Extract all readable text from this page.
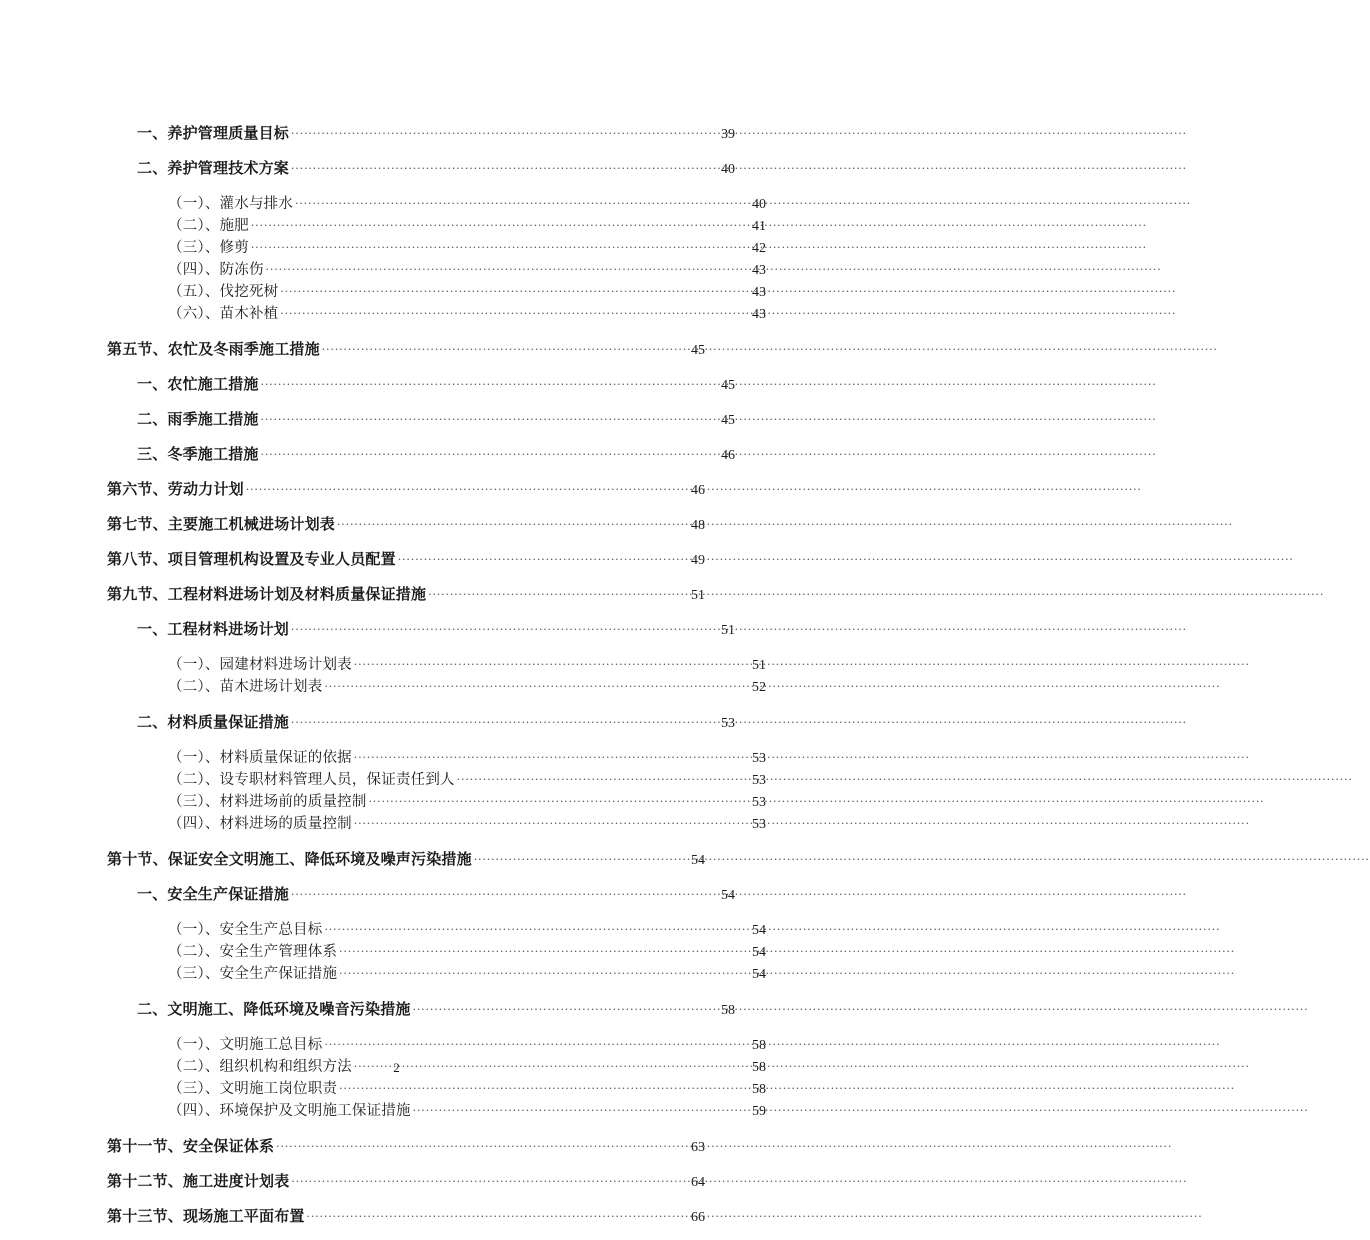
一、养护管理质量目标 .....	39
二、养护管理技术方案 .....	40
（一）、灌水与排水 .....	40
（二）、施肥 .....	41
（三）、修剪 .....	42
（四）、防冻伤 .....	43
（五）、伐挖死树 .....	43
（六）、苗木补植 .....	43
第五节、农忙及冬雨季施工措施 .....	45
一、农忙施工措施 .....	45
二、雨季施工措施 .....	45
三、冬季施工措施 .....	46
第六节、劳动力计划 .....	46
第七节、主要施工机械进场计划表 .....	48
第八节、项目管理机构设置及专业人员配置 .....	49
第九节、工程材料进场计划及材料质量保证措施 .....	51
一、工程材料进场计划 .....	51
（一）、园建材料进场计划表 .....	51
（二）、苗木进场计划表 .....	52
二、材料质量保证措施 .....	53
（一）、材料质量保证的依据 .....	53
（二）、设专职材料管理人员，保证责任到人 .....	53
（三）、材料进场前的质量控制 .....	53
（四）、材料进场的质量控制 .....	53
第十节、保证安全文明施工、降低环境及噪声污染措施 .....	54
一、安全生产保证措施 .....	54
（一）、安全生产总目标 .....	54
（二）、安全生产管理体系 .....	54
（三）、安全生产保证措施 .....	54
二、文明施工、降低环境及噪音污染措施 .....	58
（一）、文明施工总目标 .....	58
（二）、组织机构和组织方法 .....	58
（三）、文明施工岗位职责 .....	58
（四）、环境保护及文明施工保证措施 .....	59
第十一节、安全保证体系 .....	63
第十二节、施工进度计划表 .....	64
第十三节、现场施工平面布置 .....	66
2
